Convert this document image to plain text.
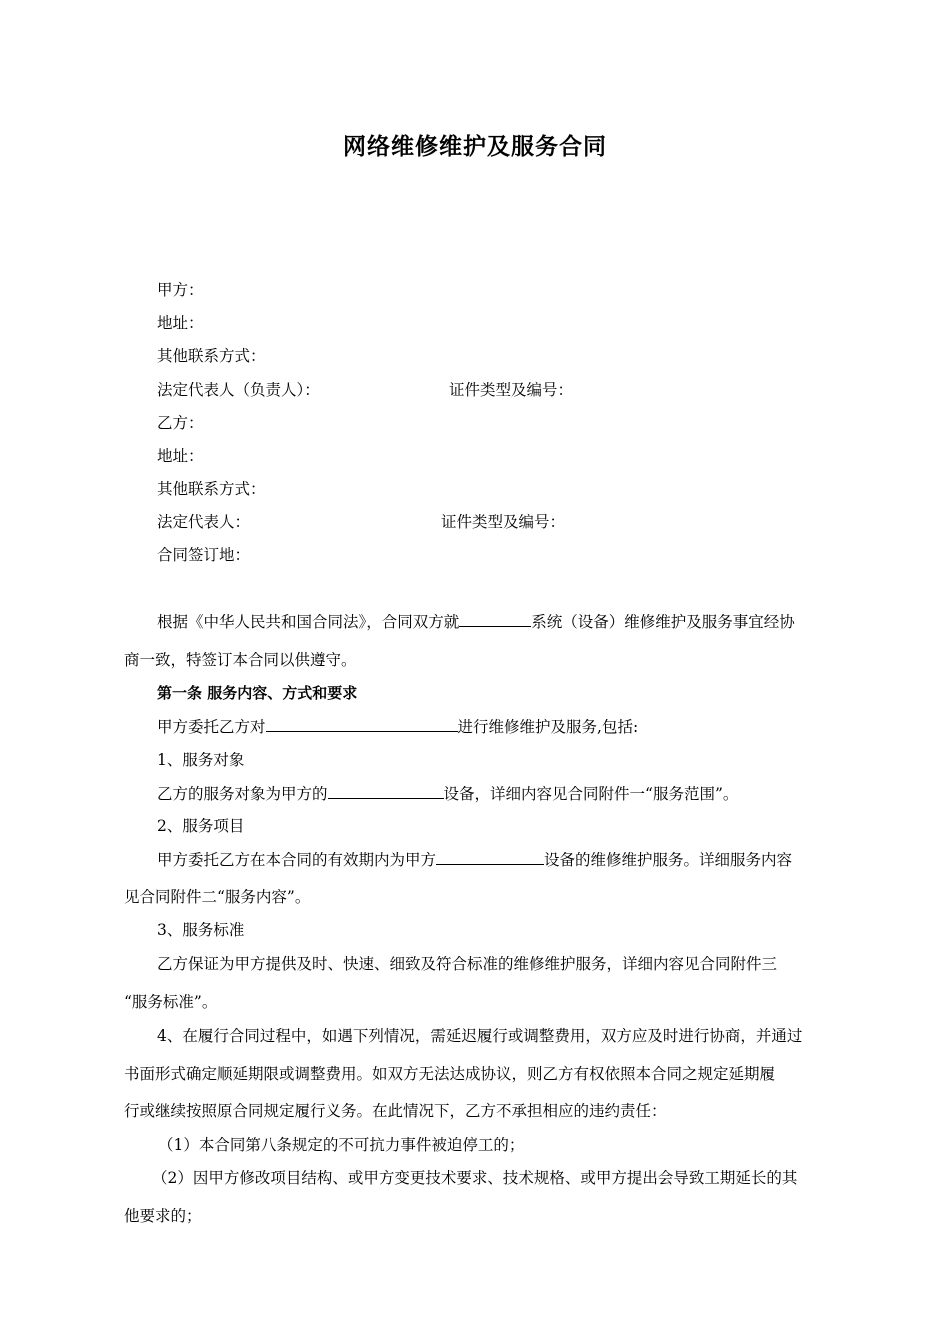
网络维修维护及服务合同
甲方：
地址：
其他联系方式：
法定代表人（负责人）：	证件类型及编号：
乙方：
地址：
其他联系方式：
法定代表人：	证件类型及编号：
合同签订地：
根据《中华人民共和国合同法》，合同双方就	系统（设备）维修维护及服务事宜经协
商一致，特签订本合同以供遵守。
第一条 服务内容、方式和要求
甲方委托乙方对	进行维修维护及服务,包括:
1、服务对象
乙方的服务对象为甲方的	设备，详细内容见合同附件一“服务范围”。
2、服务项目
甲方委托乙方在本合同的有效期内为甲方	设备的维修维护服务。详细服务内容
见合同附件二“服务内容”。
3、服务标准
乙方保证为甲方提供及时、快速、细致及符合标准的维修维护服务，详细内容见合同附件三
“服务标准”。
4、在履行合同过程中，如遇下列情况，需延迟履行或调整费用，双方应及时进行协商，并通过
书面形式确定顺延期限或调整费用。如双方无法达成协议，则乙方有权依照本合同之规定延期履
行或继续按照原合同规定履行义务。在此情况下，乙方不承担相应的违约责任：
（1）本合同第八条规定的不可抗力事件被迫停工的；
（2）因甲方修改项目结构、或甲方变更技术要求、技术规格、或甲方提出会导致工期延长的其
他要求的；
